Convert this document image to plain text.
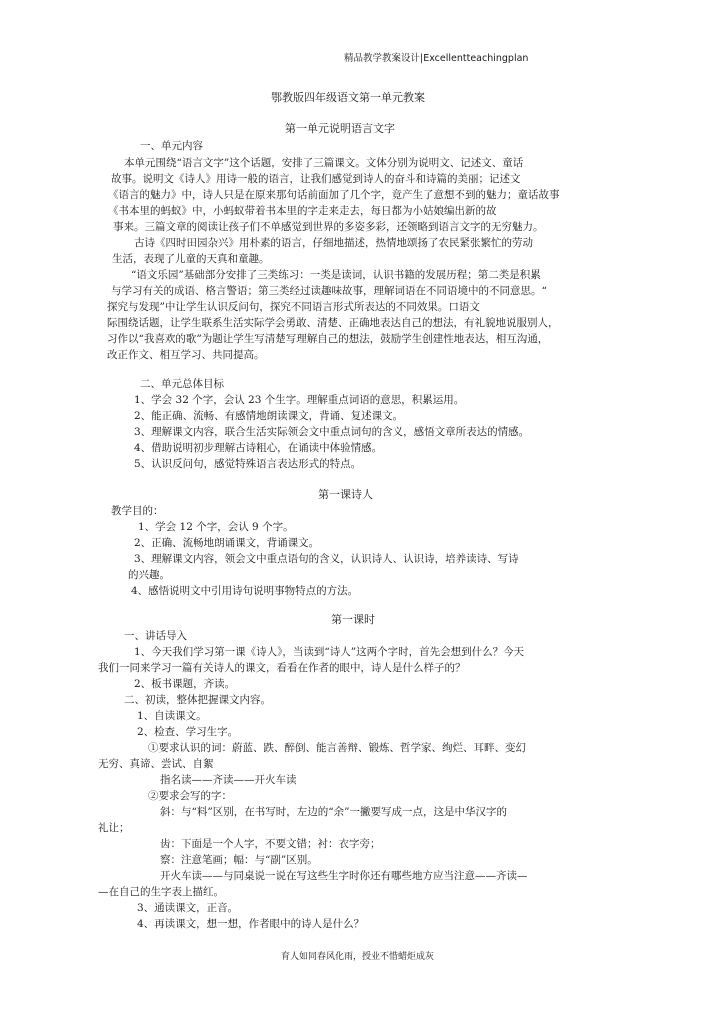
精品教学教案设计|Excellentteachingplan
鄂教版四年级语文第一单元教案
第一单元说明语言文字
一、单元内容
本单元围绕“语言文字”这个话题，安排了三篇课文。文体分别为说明文、记述文、童话
故事。说明文《诗人》用诗一般的语言，让我们感觉到诗人的奋斗和诗篇的美丽；记述文
《语言的魅力》中，诗人只是在原来那句话前面加了几个字，竟产生了意想不到的魅力；童话故事
《书本里的蚂蚁》中，小蚂蚁带着书本里的字走来走去，每日都为小姑娘编出新的故
事来。三篇文章的阅读让孩子们不单感觉到世界的多姿多彩，还领略到语言文字的无穷魅力。
古诗《四时田园杂兴》用朴素的语言，仔细地描述，热情地颂扬了农民紧张繁忙的劳动
生活，表现了儿童的天真和童趣。
“语文乐园”基础部分安排了三类练习：一类是读词，认识书籍的发展历程；第二类是积累
与学习有关的成语、格言警语；第三类经过读趣味故事，理解词语在不同语境中的不同意思。“
探究与发现”中让学生认识反问句，探究不同语言形式所表达的不同效果。口语文
际围绕话题，让学生联系生活实际学会勇敢、清楚、正确地表达自己的想法，有礼貌地说服别人，
习作以“我喜欢的歌”为题让学生写清楚写理解自己的想法，鼓励学生创建性地表达，相互沟通，
改正作文、相互学习、共同提高。
二、单元总体目标
1、学会 32 个字，会认 23 个生字。理解重点词语的意思，积累运用。
2、能正确、流畅、有感情地朗读课文，背诵、复述课文。
3、理解课文内容，联合生活实际领会文中重点词句的含义，感悟文章所表达的情感。
4、借助说明初步理解古诗粗心，在诵读中体验情感。
5、认识反问句，感觉特殊语言表达形式的特点。
第一课诗人
教学目的：
1、学会 12 个字，会认 9 个字。
2、正确、流畅地朗诵课文，背诵课文。
3、理解课文内容，领会文中重点语句的含义，认识诗人、认识诗，培养读诗、写诗
的兴趣。
4、感悟说明文中引用诗句说明事物特点的方法。
第一课时
一、讲话导入
1、今天我们学习第一课《诗人》，当读到“诗人”这两个字时，首先会想到什么？今天
我们一同来学习一篇有关诗人的课文，看看在作者的眼中，诗人是什么样子的？
2、板书课题，齐读。
二、初读，整体把握课文内容。
1、自读课文。
2、检查、学习生字。
①要求认识的词：蔚蓝、跌、醉倒、能言善辩、锻炼、哲学家、绚烂、耳畔、变幻
无穷、真谛、尝试、自絮
指名读——齐读——开火车读
②要求会写的字：
斜：与“料”区别，在书写时，左边的“余”一撇要写成一点，这是中华汉字的
礼让；
齿：下面是一个人字，不要文错；衬：衣字旁；
察：注意笔画；幅：与“副”区别。
开火车读——与同桌说一说在写这些生字时你还有哪些地方应当注意——齐读—
—在自己的生字表上描红。
3、通读课文，正音。
4、再读课文，想一想，作者眼中的诗人是什么？
育人如同春风化雨，授业不惜蜡炬成灰
